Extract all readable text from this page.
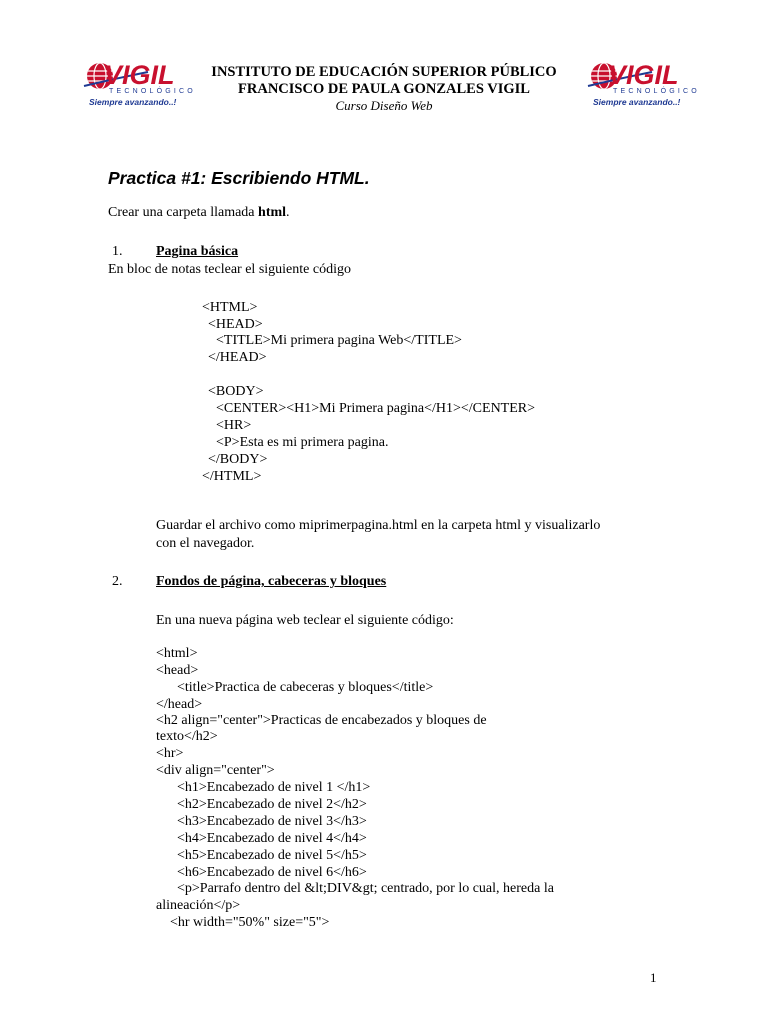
VIGIL
TECNOLÓGICO
Siempre avanzando..!
VIGIL
TECNOLÓGICO
Siempre avanzando..!
INSTITUTO DE EDUCACIÓN SUPERIOR PÚBLICO
FRANCISCO DE PAULA GONZALES VIGIL
Curso Diseño Web
Practica #1: Escribiendo HTML.
Crear una carpeta llamada html.
1. Pagina básica
En bloc de notas teclear el siguiente código
<HTML>
<HEAD>
<TITLE>Mi primera pagina Web</TITLE>
</HEAD>
<BODY>
<CENTER><H1>Mi Primera pagina</H1></CENTER>
<HR>
<P>Esta es mi primera pagina.
</BODY>
</HTML>
Guardar el archivo como miprimerpagina.html en la carpeta html y visualizarlo
con el navegador.
2. Fondos de página, cabeceras y bloques
En una nueva página web teclear el siguiente código:
<html>
<head>
	<title>Practica de cabeceras y bloques</title>
</head>
<h2 align="center">Practicas de encabezados y bloques de
texto</h2>
<hr>
<div align="center">
	<h1>Encabezado de nivel 1 </h1>
	<h2>Encabezado de nivel 2</h2>
	<h3>Encabezado de nivel 3</h3>
	<h4>Encabezado de nivel 4</h4>
	<h5>Encabezado de nivel 5</h5>
	<h6>Encabezado de nivel 6</h6>
	<p>Parrafo dentro del &lt;DIV&gt; centrado, por lo cual, hereda la
alineación</p>
<hr width="50%" size="5">
1
